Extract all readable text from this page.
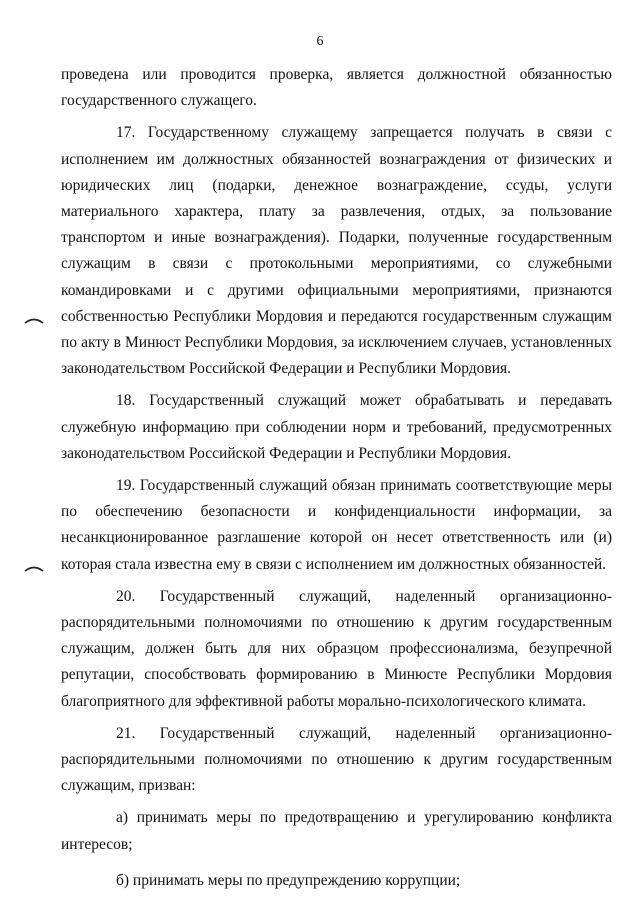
6

проведена или проводится проверка, является должностной обязанностью государственного служащего.

17. Государственному служащему запрещается получать в связи с исполнением им должностных обязанностей вознаграждения от физических и юридических лиц (подарки, денежное вознаграждение, ссуды, услуги материального характера, плату за развлечения, отдых, за пользование транспортом и иные вознаграждения). Подарки, полученные государственным служащим в связи с протокольными мероприятиями, со служебными командировками и с другими официальными мероприятиями, признаются собственностью Республики Мордовия и передаются государственным служащим по акту в Минюст Республики Мордовия, за исключением случаев, установленных законодательством Российской Федерации и Республики Мордовия.

18. Государственный служащий может обрабатывать и передавать служебную информацию при соблюдении норм и требований, предусмотренных законодательством Российской Федерации и Республики Мордовия.

19. Государственный служащий обязан принимать соответствующие меры по обеспечению безопасности и конфиденциальности информации, за несанкционированное разглашение которой он несет ответственность или (и) которая стала известна ему в связи с исполнением им должностных обязанностей.

20. Государственный служащий, наделенный организационно-распорядительными полномочиями по отношению к другим государственным служащим, должен быть для них образцом профессионализма, безупречной репутации, способствовать формированию в Минюсте Республики Мордовия благоприятного для эффективной работы морально-психологического климата.

21. Государственный служащий, наделенный организационно-распорядительными полномочиями по отношению к другим государственным служащим, призван:

а) принимать меры по предотвращению и урегулированию конфликта интересов;

б) принимать меры по предупреждению коррупции;
